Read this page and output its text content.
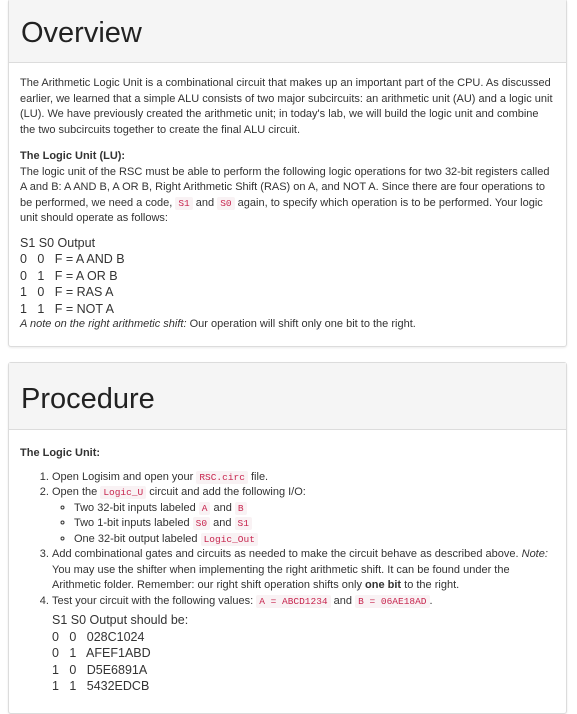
Overview

The Arithmetic Logic Unit is a combinational circuit that makes up an important part of the CPU. As discussed earlier, we learned that a simple ALU consists of two major subcircuits: an arithmetic unit (AU) and a logic unit (LU). We have previously created the arithmetic unit; in today's lab, we will build the logic unit and combine the two subcircuits together to create the final ALU circuit.

The Logic Unit (LU):

The logic unit of the RSC must be able to perform the following logic operations for two 32-bit registers called A and B: A AND B, A OR B, Right Arithmetic Shift (RAS) on A, and NOT A. Since there are four operations to be performed, we need a code, S1 and S0 again, to specify which operation is to be performed. Your logic unit should operate as follows:

S1 S0 Output
0   0   F = A AND B
0   1   F = A OR B
1   0   F = RAS A
1   1   F = NOT A

A note on the right arithmetic shift: Our operation will shift only one bit to the right.

Procedure

The Logic Unit:

1. Open Logisim and open your RSC.circ file.
2. Open the Logic_U circuit and add the following I/O:
◦ Two 32-bit inputs labeled A and B
◦ Two 1-bit inputs labeled S0 and S1
◦ One 32-bit output labeled Logic_Out
3. Add combinational gates and circuits as needed to make the circuit behave as described above. Note: You may use the shifter when implementing the right arithmetic shift. It can be found under the Arithmetic folder. Remember: our right shift operation shifts only one bit to the right.
4. Test your circuit with the following values: A = ABCD1234 and B = 06AE18AD .
S1 S0 Output should be:
0   0   028C1024
0   1   AFEF1ABD
1   0   D5E6891A
1   1   5432EDCB
